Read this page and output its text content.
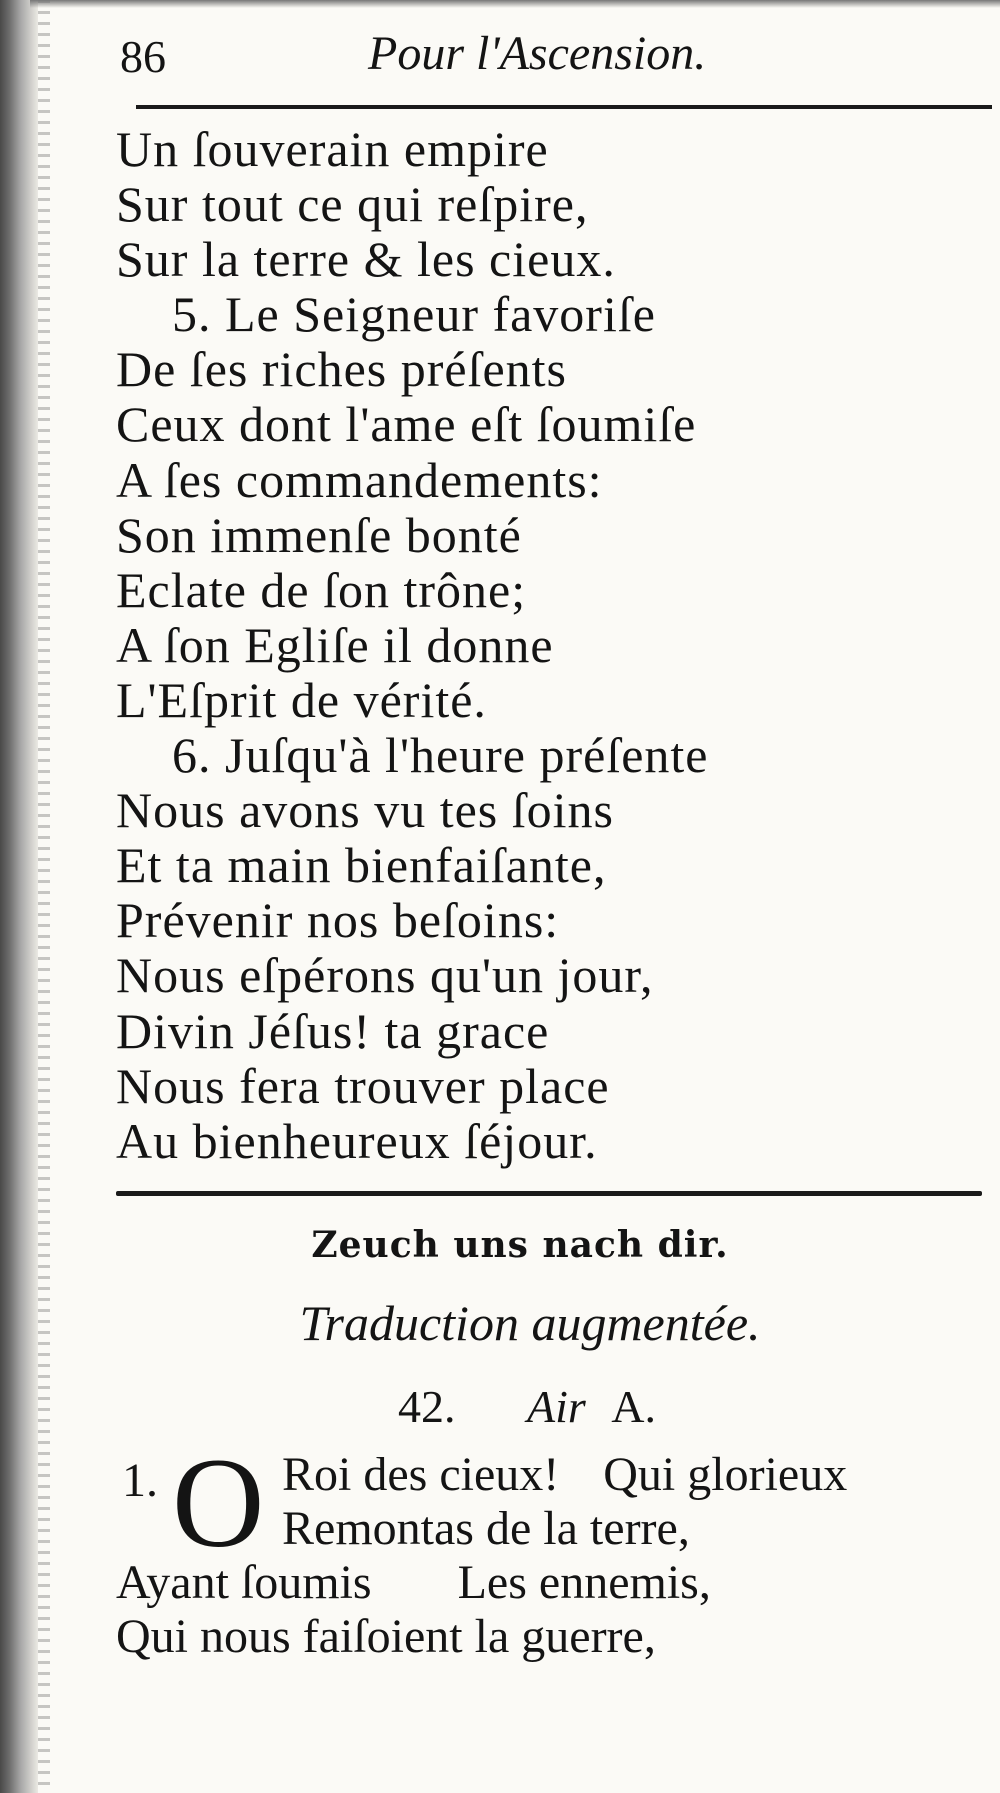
86	Pour l'Ascension.
Un ſouverain empire
Sur tout ce qui reſpire,
Sur la terre & les cieux.
5. Le Seigneur favoriſe
De ſes riches préſents
Ceux dont l'ame eſt ſoumiſe
A ſes commandements:
Son immenſe bonté
Eclate de ſon trône;
A ſon Egliſe il donne
L'Eſprit de vérité.
6. Juſqu'à l'heure préſente
Nous avons vu tes ſoins
Et ta main bienfaiſante,
Prévenir nos beſoins:
Nous eſpérons qu'un jour,
Divin Jéſus! ta grace
Nous fera trouver place
Au bienheureux ſéjour.
Zeuch uns nach dir.
Traduction augmentée.
42. Air A.
1. O Roi des cieux! Qui glorieux
Remontas de la terre,
Ayant ſoumis Les ennemis,
Qui nous faiſoient la guerre,
